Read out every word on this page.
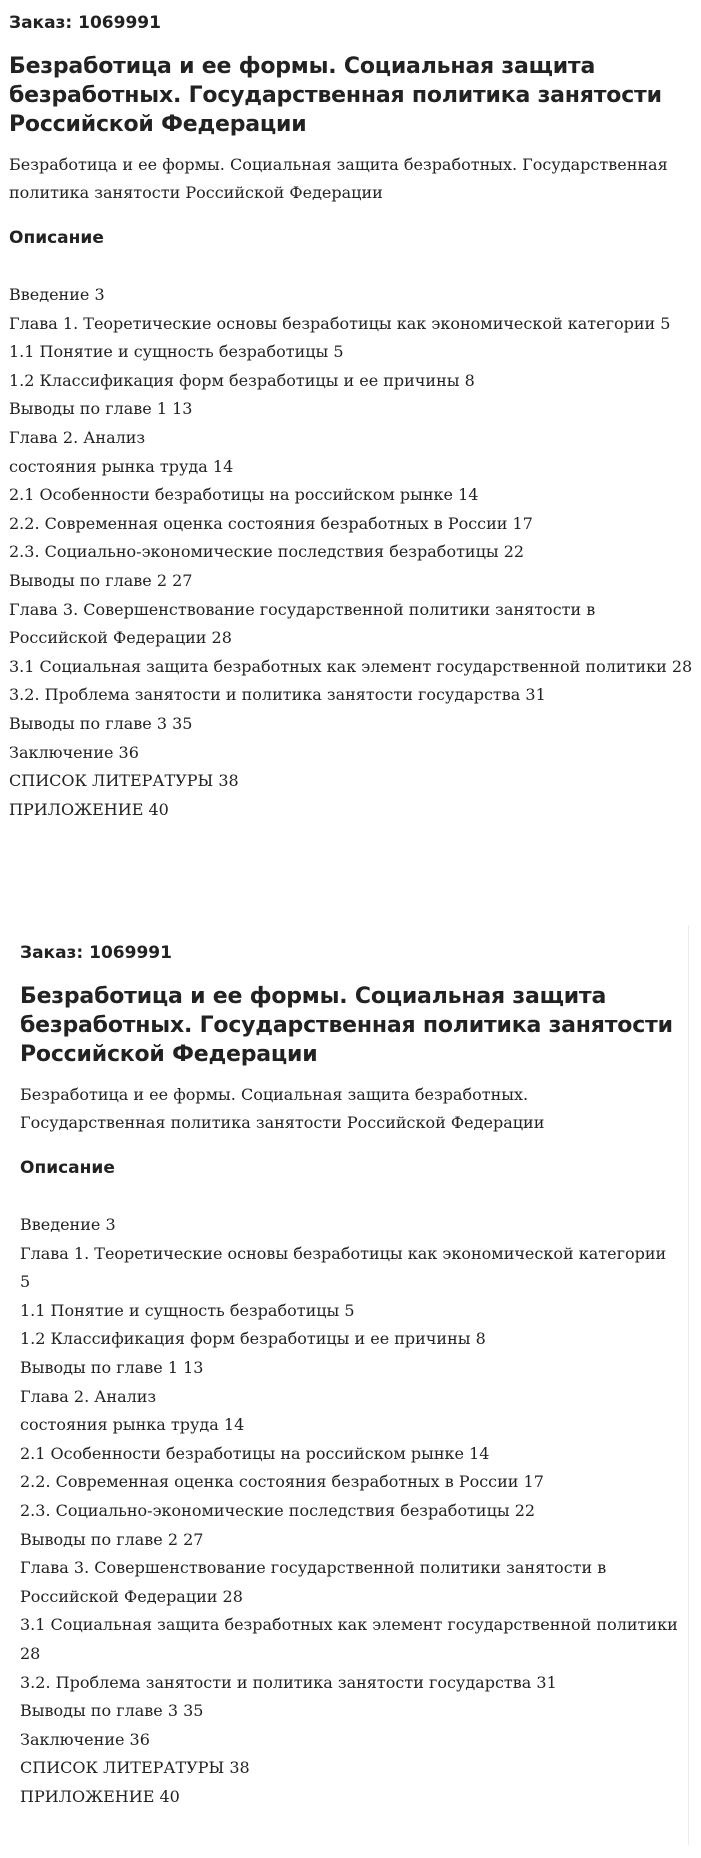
Заказ: 1069991
Безработица и ее формы. Социальная защита безработных. Государственная политика занятости Российской Федерации
Безработица и ее формы. Социальная защита безработных. Государственная политика занятости Российской Федерации
Описание
Введение 3
Глава 1. Теоретические основы безработицы как экономической категории 5
1.1 Понятие и сущность безработицы 5
1.2 Классификация форм безработицы и ее причины 8
Выводы по главе 1 13
Глава 2. Анализ
состояния рынка труда 14
2.1 Особенности безработицы на российском рынке 14
2.2. Современная оценка состояния безработных в России 17
2.3. Социально-экономические последствия безработицы 22
Выводы по главе 2 27
Глава 3. Совершенствование государственной политики занятости в Российской Федерации 28
3.1 Социальная защита безработных как элемент государственной политики 28
3.2. Проблема занятости и политика занятости государства 31
Выводы по главе 3 35
Заключение 36
СПИСОК ЛИТЕРАТУРЫ 38
ПРИЛОЖЕНИЕ 40
Заказ: 1069991
Безработица и ее формы. Социальная защита безработных. Государственная политика занятости Российской Федерации
Безработица и ее формы. Социальная защита безработных. Государственная политика занятости Российской Федерации
Описание
Введение 3
Глава 1. Теоретические основы безработицы как экономической категории 5
1.1 Понятие и сущность безработицы 5
1.2 Классификация форм безработицы и ее причины 8
Выводы по главе 1 13
Глава 2. Анализ
состояния рынка труда 14
2.1 Особенности безработицы на российском рынке 14
2.2. Современная оценка состояния безработных в России 17
2.3. Социально-экономические последствия безработицы 22
Выводы по главе 2 27
Глава 3. Совершенствование государственной политики занятости в Российской Федерации 28
3.1 Социальная защита безработных как элемент государственной политики 28
3.2. Проблема занятости и политика занятости государства 31
Выводы по главе 3 35
Заключение 36
СПИСОК ЛИТЕРАТУРЫ 38
ПРИЛОЖЕНИЕ 40
